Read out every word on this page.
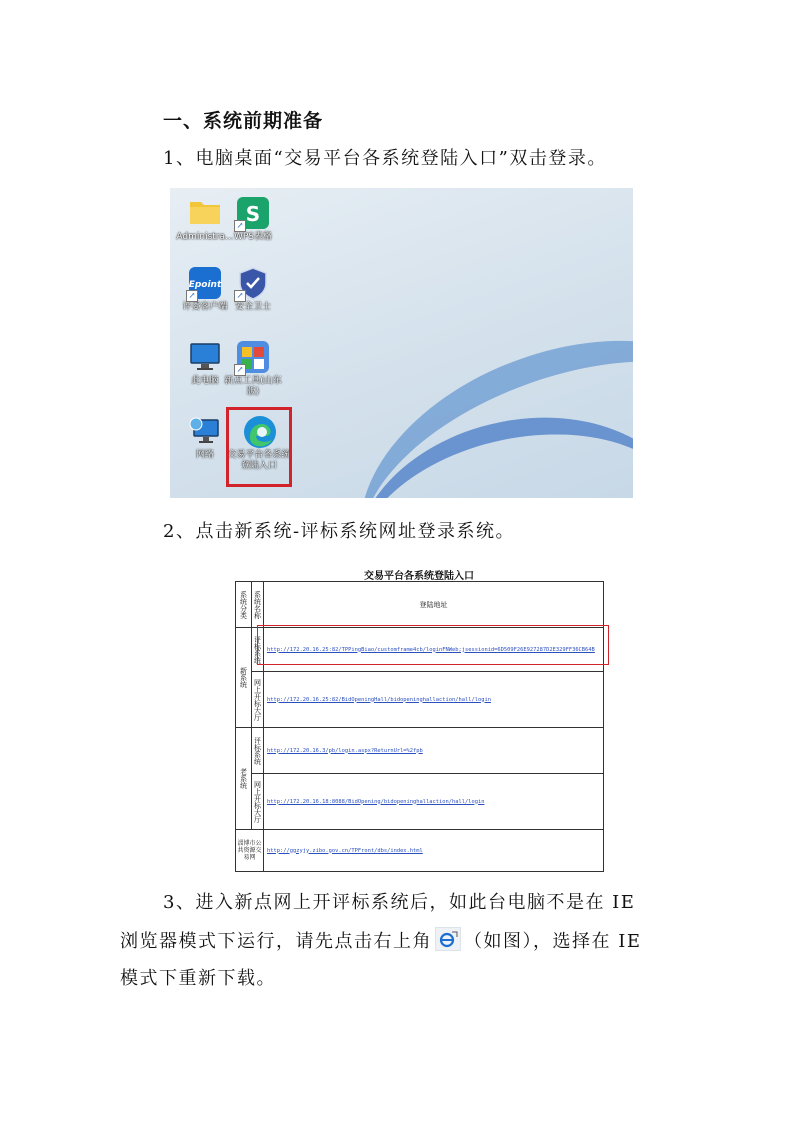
一、系统前期准备
1、电脑桌面“交易平台各系统登陆入口”双击登录。
Administra...
S
↗
WPS表格
Epoint
↗
评委客户端
↗
安全卫士
此电脑
↗
新点工具(山东版)
网络	交易平台各系统登陆入口
2、点击新系统-评标系统网址登录系统。
交易平台各系统登陆入口
系统分类	系统名称	登陆地址

新系统	评标系统	http://172.20.16.25:82/TPPingBiao/customframe4cb/loginFNWeb;jsessionid=6D509F26E927287D2E329FF36CB64B

	网上开标大厅	http://172.20.16.25:82/BidOpeningHall/bidopeninghallaction/hall/login

老系统	评标系统	http://172.20.16.3/pb/login.aspx?ReturnUrl=%2fpb

	网上开标大厅	http://172.20.16.18:8088/BidOpening/bidopeninghallaction/hall/login

淄博市公共资源交易网		http://ggzyjy.zibo.gov.cn/TPFront/dbs/index.html
3、进入新点网上开评标系统后，如此台电脑不是在 IE
浏览器模式下运行，请先点击右上角 （如图），选择在 IE
模式下重新下载。
